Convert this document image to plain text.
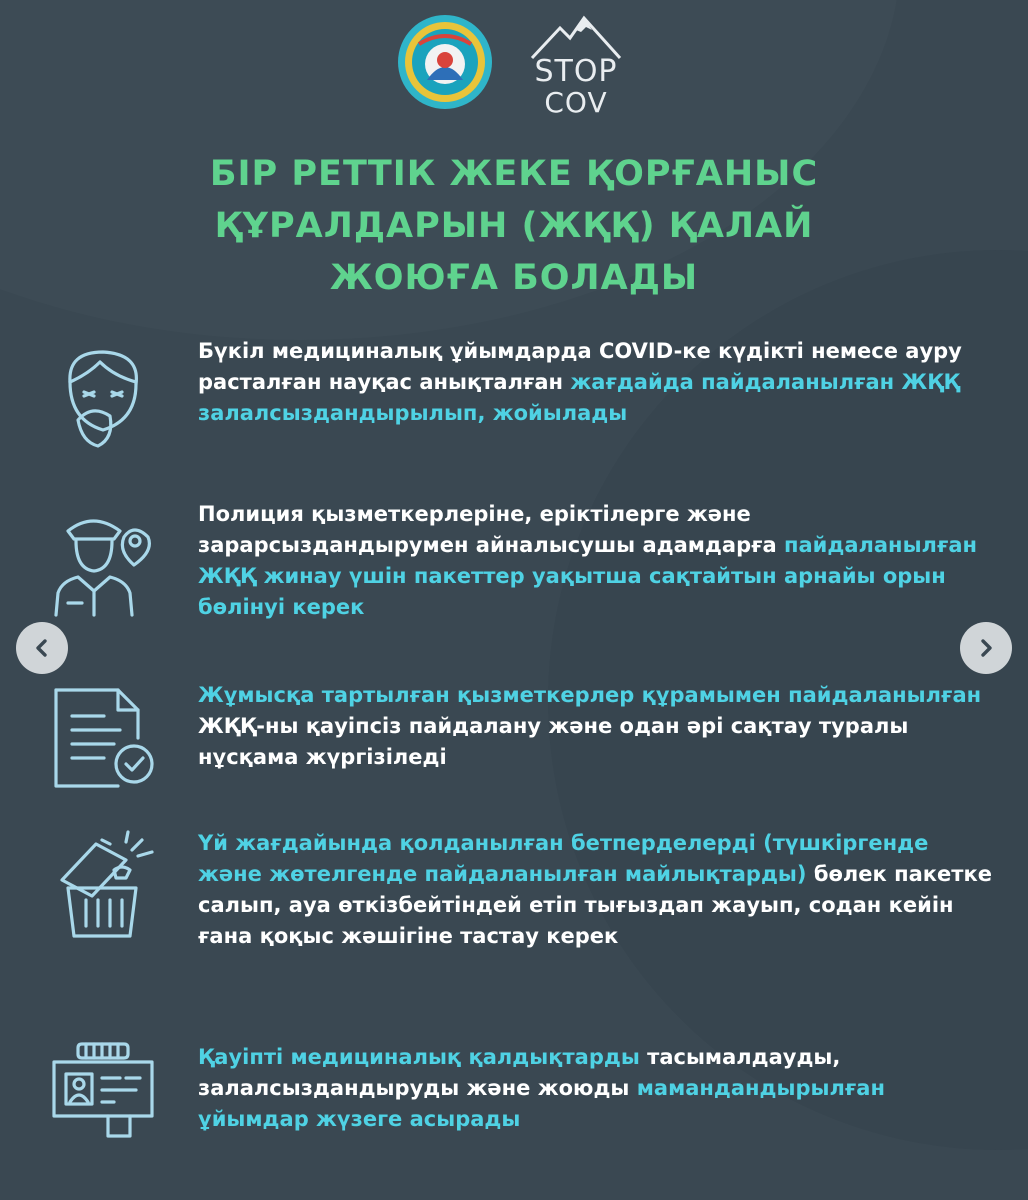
STOP
COV
БІР РЕТТІК ЖЕКЕ ҚОРҒАНЫС ҚҰРАЛДАРЫН (ЖҚҚ) ҚАЛАЙ ЖОЮҒА БОЛАДЫ
Бүкіл медициналық ұйымдарда COVID-ке күдікті немесе ауру расталған науқас анықталған жағдайда пайдаланылған ЖҚҚ залалсыздандырылып, жойылады
Полиция қызметкерлеріне, еріктілерге және зарарсыздандырумен айналысушы адамдарға пайдаланылған ЖҚҚ жинау үшін пакеттер уақытша сақтайтын арнайы орын бөлінуі керек
Жұмысқа тартылған қызметкерлер құрамымен пайдаланылған ЖҚҚ-ны қауіпсіз пайдалану және одан әрі сақтау туралы нұсқама жүргізіледі
Үй жағдайында қолданылған бетперделерді (түшкіргенде және жөтелгенде пайдаланылған майлықтарды) бөлек пакетке салып, ауа өткізбейтіндей етіп тығыздап жауып, содан кейін ғана қоқыс жәшігіне тастау керек
Қауіпті медициналық қалдықтарды тасымалдауды, залалсыздандыруды және жоюды мамандандырылған ұйымдар жүзеге асырады
